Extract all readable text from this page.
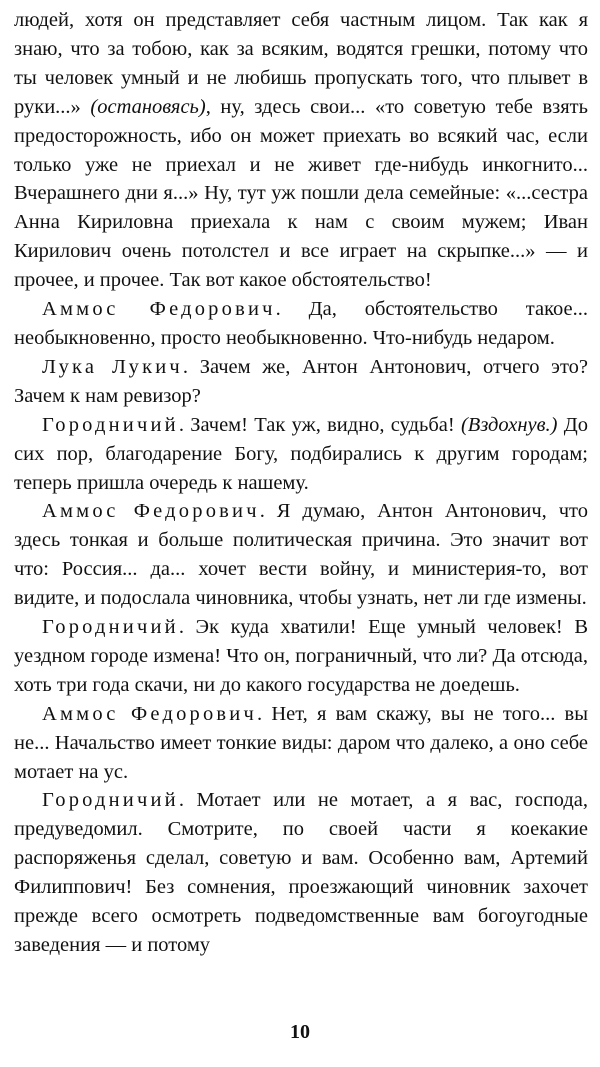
людей, хотя он представляет себя частным лицом. Так как я знаю, что за тобою, как за всяким, водятся грешки, потому что ты человек умный и не любишь пропускать того, что плывет в руки...» (остановясь), ну, здесь свои... «то советую тебе взять предосторожность, ибо он может приехать во всякий час, если только уже не приехал и не живет где-нибудь инкогнито... Вчерашнего дни я...» Ну, тут уж пошли дела семейные: «...сестра Анна Кириловна приехала к нам с своим мужем; Иван Кирилович очень потолстел и все играет на скрыпке...» — и прочее, и прочее. Так вот какое обстоятельство!

Аммос Федорович. Да, обстоятельство такое... необыкновенно, просто необыкновенно. Что-нибудь недаром.

Лука Лукич. Зачем же, Антон Антонович, отчего это? Зачем к нам ревизор?

Городничий. Зачем! Так уж, видно, судьба! (Вздохнув.) До сих пор, благодарение Богу, подбирались к другим городам; теперь пришла очередь к нашему.

Аммос Федорович. Я думаю, Антон Антонович, что здесь тонкая и больше политическая причина. Это значит вот что: Россия... да... хочет вести войну, и министерия-то, вот видите, и подослала чиновника, чтобы узнать, нет ли где измены.

Городничий. Эк куда хватили! Еще умный человек! В уездном городе измена! Что он, пограничный, что ли? Да отсюда, хоть три года скачи, ни до какого государства не доедешь.

Аммос Федорович. Нет, я вам скажу, вы не того... вы не... Начальство имеет тонкие виды: даром что далеко, а оно себе мотает на ус.

Городничий. Мотает или не мотает, а я вас, господа, предуведомил. Смотрите, по своей части я коекакие распоряженья сделал, советую и вам. Особенно вам, Артемий Филиппович! Без сомнения, проезжающий чиновник захочет прежде всего осмотреть подведомственные вам богоугодные заведения — и потому

10
